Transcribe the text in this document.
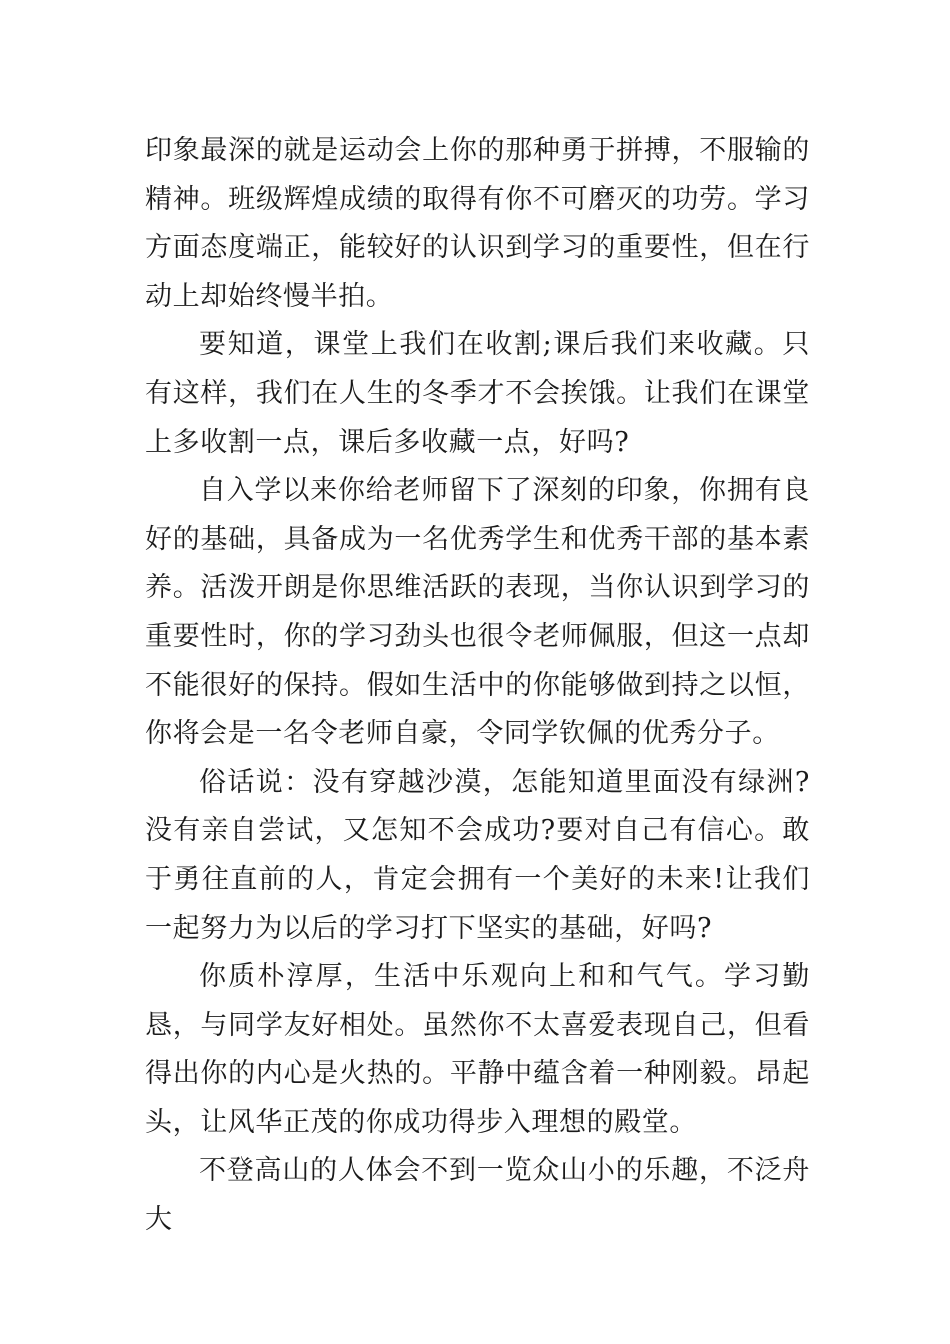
印象最深的就是运动会上你的那种勇于拼搏，不服输的精神。班级辉煌成绩的取得有你不可磨灭的功劳。学习方面态度端正，能较好的认识到学习的重要性，但在行动上却始终慢半拍。

要知道，课堂上我们在收割;课后我们来收藏。只有这样，我们在人生的冬季才不会挨饿。让我们在课堂上多收割一点，课后多收藏一点，好吗?

自入学以来你给老师留下了深刻的印象，你拥有良好的基础，具备成为一名优秀学生和优秀干部的基本素养。活泼开朗是你思维活跃的表现，当你认识到学习的重要性时，你的学习劲头也很令老师佩服，但这一点却不能很好的保持。假如生活中的你能够做到持之以恒，你将会是一名令老师自豪，令同学钦佩的优秀分子。

俗话说：没有穿越沙漠，怎能知道里面没有绿洲?没有亲自尝试，又怎知不会成功?要对自己有信心。敢于勇往直前的人，肯定会拥有一个美好的未来!让我们一起努力为以后的学习打下坚实的基础，好吗?

你质朴淳厚，生活中乐观向上和和气气。学习勤恳，与同学友好相处。虽然你不太喜爱表现自己，但看得出你的内心是火热的。平静中蕴含着一种刚毅。昂起头，让风华正茂的你成功得步入理想的殿堂。

不登高山的人体会不到一览众山小的乐趣，不泛舟大
